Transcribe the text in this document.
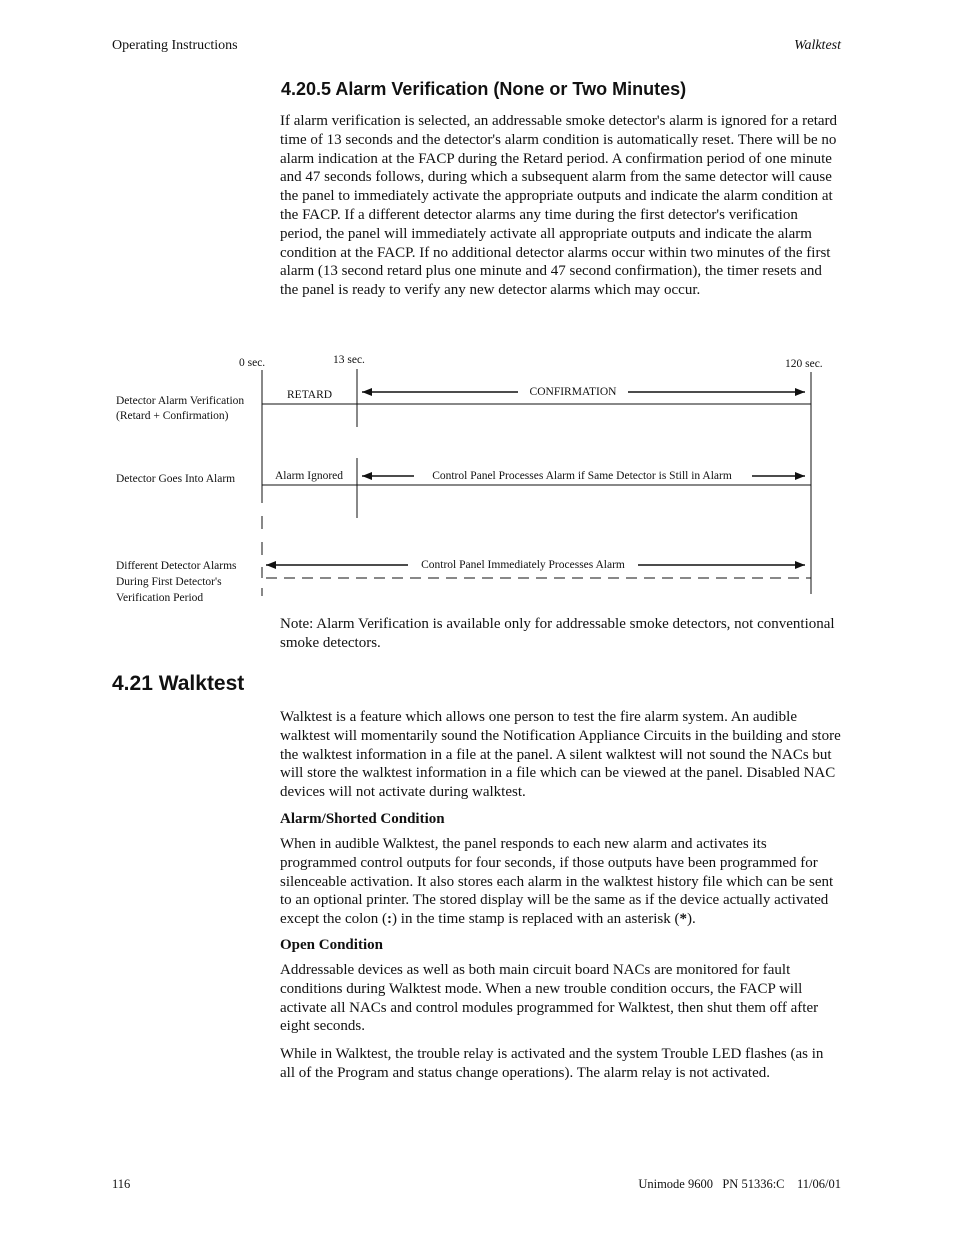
Operating Instructions	Walktest
4.20.5 Alarm Verification (None or Two Minutes)

If alarm verification is selected, an addressable smoke detector's alarm is ignored for a retard time of 13 seconds and the detector's alarm condition is automatically reset. There will be no alarm indication at the FACP during the Retard period. A confirmation period of one minute and 47 seconds follows, during which a subsequent alarm from the same detector will cause the panel to immediately activate the appropriate outputs and indicate the alarm condition at the FACP. If a different detector alarms any time during the first detector's verification period, the panel will immediately activate all appropriate outputs and indicate the alarm condition at the FACP. If no additional detector alarms occur within two minutes of the first alarm (13 second retard plus one minute and 47 second confirmation), the timer resets and the panel is ready to verify any new detector alarms which may occur.

0 sec.	13 sec.	120 sec.
Detector Alarm Verification
(Retard + Confirmation)
RETARD	CONFIRMATION
Detector Goes Into Alarm	Alarm Ignored	Control Panel Processes Alarm if Same Detector is Still in Alarm
Different Detector Alarms
During First Detector's
Verification Period
Control Panel Immediately Processes Alarm

Note: Alarm Verification is available only for addressable smoke detectors, not conventional smoke detectors.

4.21 Walktest

Walktest is a feature which allows one person to test the fire alarm system. An audible walktest will momentarily sound the Notification Appliance Circuits in the building and store the walktest information in a file at the panel. A silent walktest will not sound the NACs but will store the walktest information in a file which can be viewed at the panel. Disabled NAC devices will not activate during walktest.

Alarm/Shorted Condition

When in audible Walktest, the panel responds to each new alarm and activates its programmed control outputs for four seconds, if those outputs have been programmed for silenceable activation. It also stores each alarm in the walktest history file which can be sent to an optional printer. The stored display will be the same as if the device actually activated except the colon (:) in the time stamp is replaced with an asterisk (*).

Open Condition

Addressable devices as well as both main circuit board NACs are monitored for fault conditions during Walktest mode. When a new trouble condition occurs, the FACP will activate all NACs and control modules programmed for Walktest, then shut them off after eight seconds.

While in Walktest, the trouble relay is activated and the system Trouble LED flashes (as in all of the Program and status change operations). The alarm relay is not activated.

116	Unimode 9600   PN 51336:C    11/06/01
